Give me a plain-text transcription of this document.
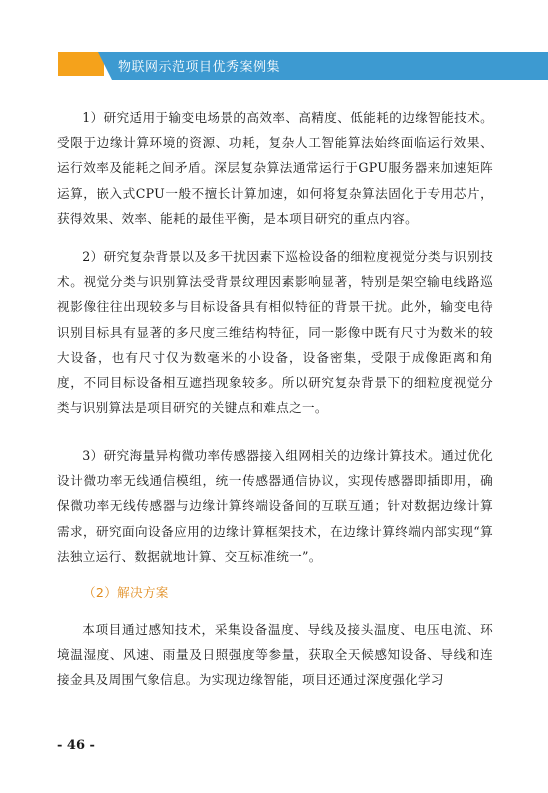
物联网示范项目优秀案例集

1）研究适用于输变电场景的高效率、高精度、低能耗的边缘智能技术。受限于边缘计算环境的资源、功耗，复杂人工智能算法始终面临运行效果、运行效率及能耗之间矛盾。深层复杂算法通常运行于GPU服务器来加速矩阵运算，嵌入式CPU一般不擅长计算加速，如何将复杂算法固化于专用芯片，获得效果、效率、能耗的最佳平衡，是本项目研究的重点内容。

2）研究复杂背景以及多干扰因素下巡检设备的细粒度视觉分类与识别技术。视觉分类与识别算法受背景纹理因素影响显著，特别是架空输电线路巡视影像往往出现较多与目标设备具有相似特征的背景干扰。此外，输变电待识别目标具有显著的多尺度三维结构特征，同一影像中既有尺寸为数米的较大设备，也有尺寸仅为数毫米的小设备，设备密集，受限于成像距离和角度，不同目标设备相互遮挡现象较多。所以研究复杂背景下的细粒度视觉分类与识别算法是项目研究的关键点和难点之一。

3）研究海量异构微功率传感器接入组网相关的边缘计算技术。通过优化设计微功率无线通信模组，统一传感器通信协议，实现传感器即插即用，确保微功率无线传感器与边缘计算终端设备间的互联互通；针对数据边缘计算需求，研究面向设备应用的边缘计算框架技术，在边缘计算终端内部实现“算法独立运行、数据就地计算、交互标准统一”。

（2）解决方案

本项目通过感知技术，采集设备温度、导线及接头温度、电压电流、环境温湿度、风速、雨量及日照强度等参量，获取全天候感知设备、导线和连接金具及周围气象信息。为实现边缘智能，项目还通过深度强化学习

- 46 -
